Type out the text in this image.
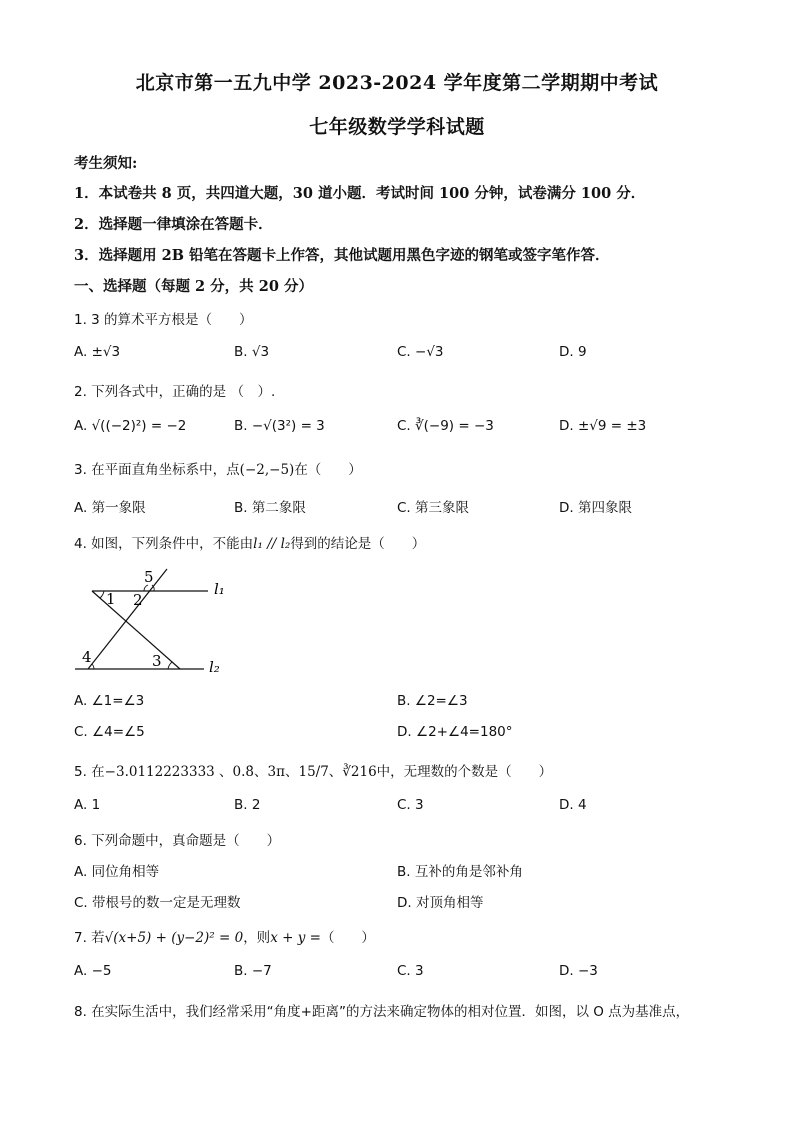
北京市第一五九中学 2023-2024 学年度第二学期期中考试
七年级数学学科试题
考生须知:
1．本试卷共 8 页，共四道大题，30 道小题．考试时间 100 分钟，试卷满分 100 分．
2．选择题一律填涂在答题卡．
3．选择题用 2B 铅笔在答题卡上作答，其他试题用黑色字迹的钢笔或签字笔作答．
一、选择题（每题 2 分，共 20 分）
1. 3 的算术平方根是（　　）
A. ±√3	B. √3	C. −√3	D. 9
2. 下列各式中，正确的是 （　）.
A. √((−2)²) = −2	B. −√(3²) = 3	C. ∛(−9) = −3	D. ±√9 = ±3
3. 在平面直角坐标系中，点(−2,−5)在（　　）
A. 第一象限	B. 第二象限	C. 第三象限	D. 第四象限
4. 如图，下列条件中，不能由l₁ // l₂得到的结论是（　　）
1 2
5
3
4
l₁
l₂
A. ∠1=∠3	B. ∠2=∠3
C. ∠4=∠5	D. ∠2+∠4=180°
5. 在−3.0112223333 、0.8̇、3π、15/7、∛216中，无理数的个数是（　　）
A. 1	B. 2	C. 3	D. 4
6. 下列命题中，真命题是（　　）
A. 同位角相等	B. 互补的角是邻补角
C. 带根号的数一定是无理数	D. 对顶角相等
7. 若√(x+5) + (y−2)² = 0，则x + y =（　　）
A. −5	B. −7	C. 3	D. −3
8. 在实际生活中，我们经常采用“角度+距离”的方法来确定物体的相对位置．如图，以 O 点为基准点，
